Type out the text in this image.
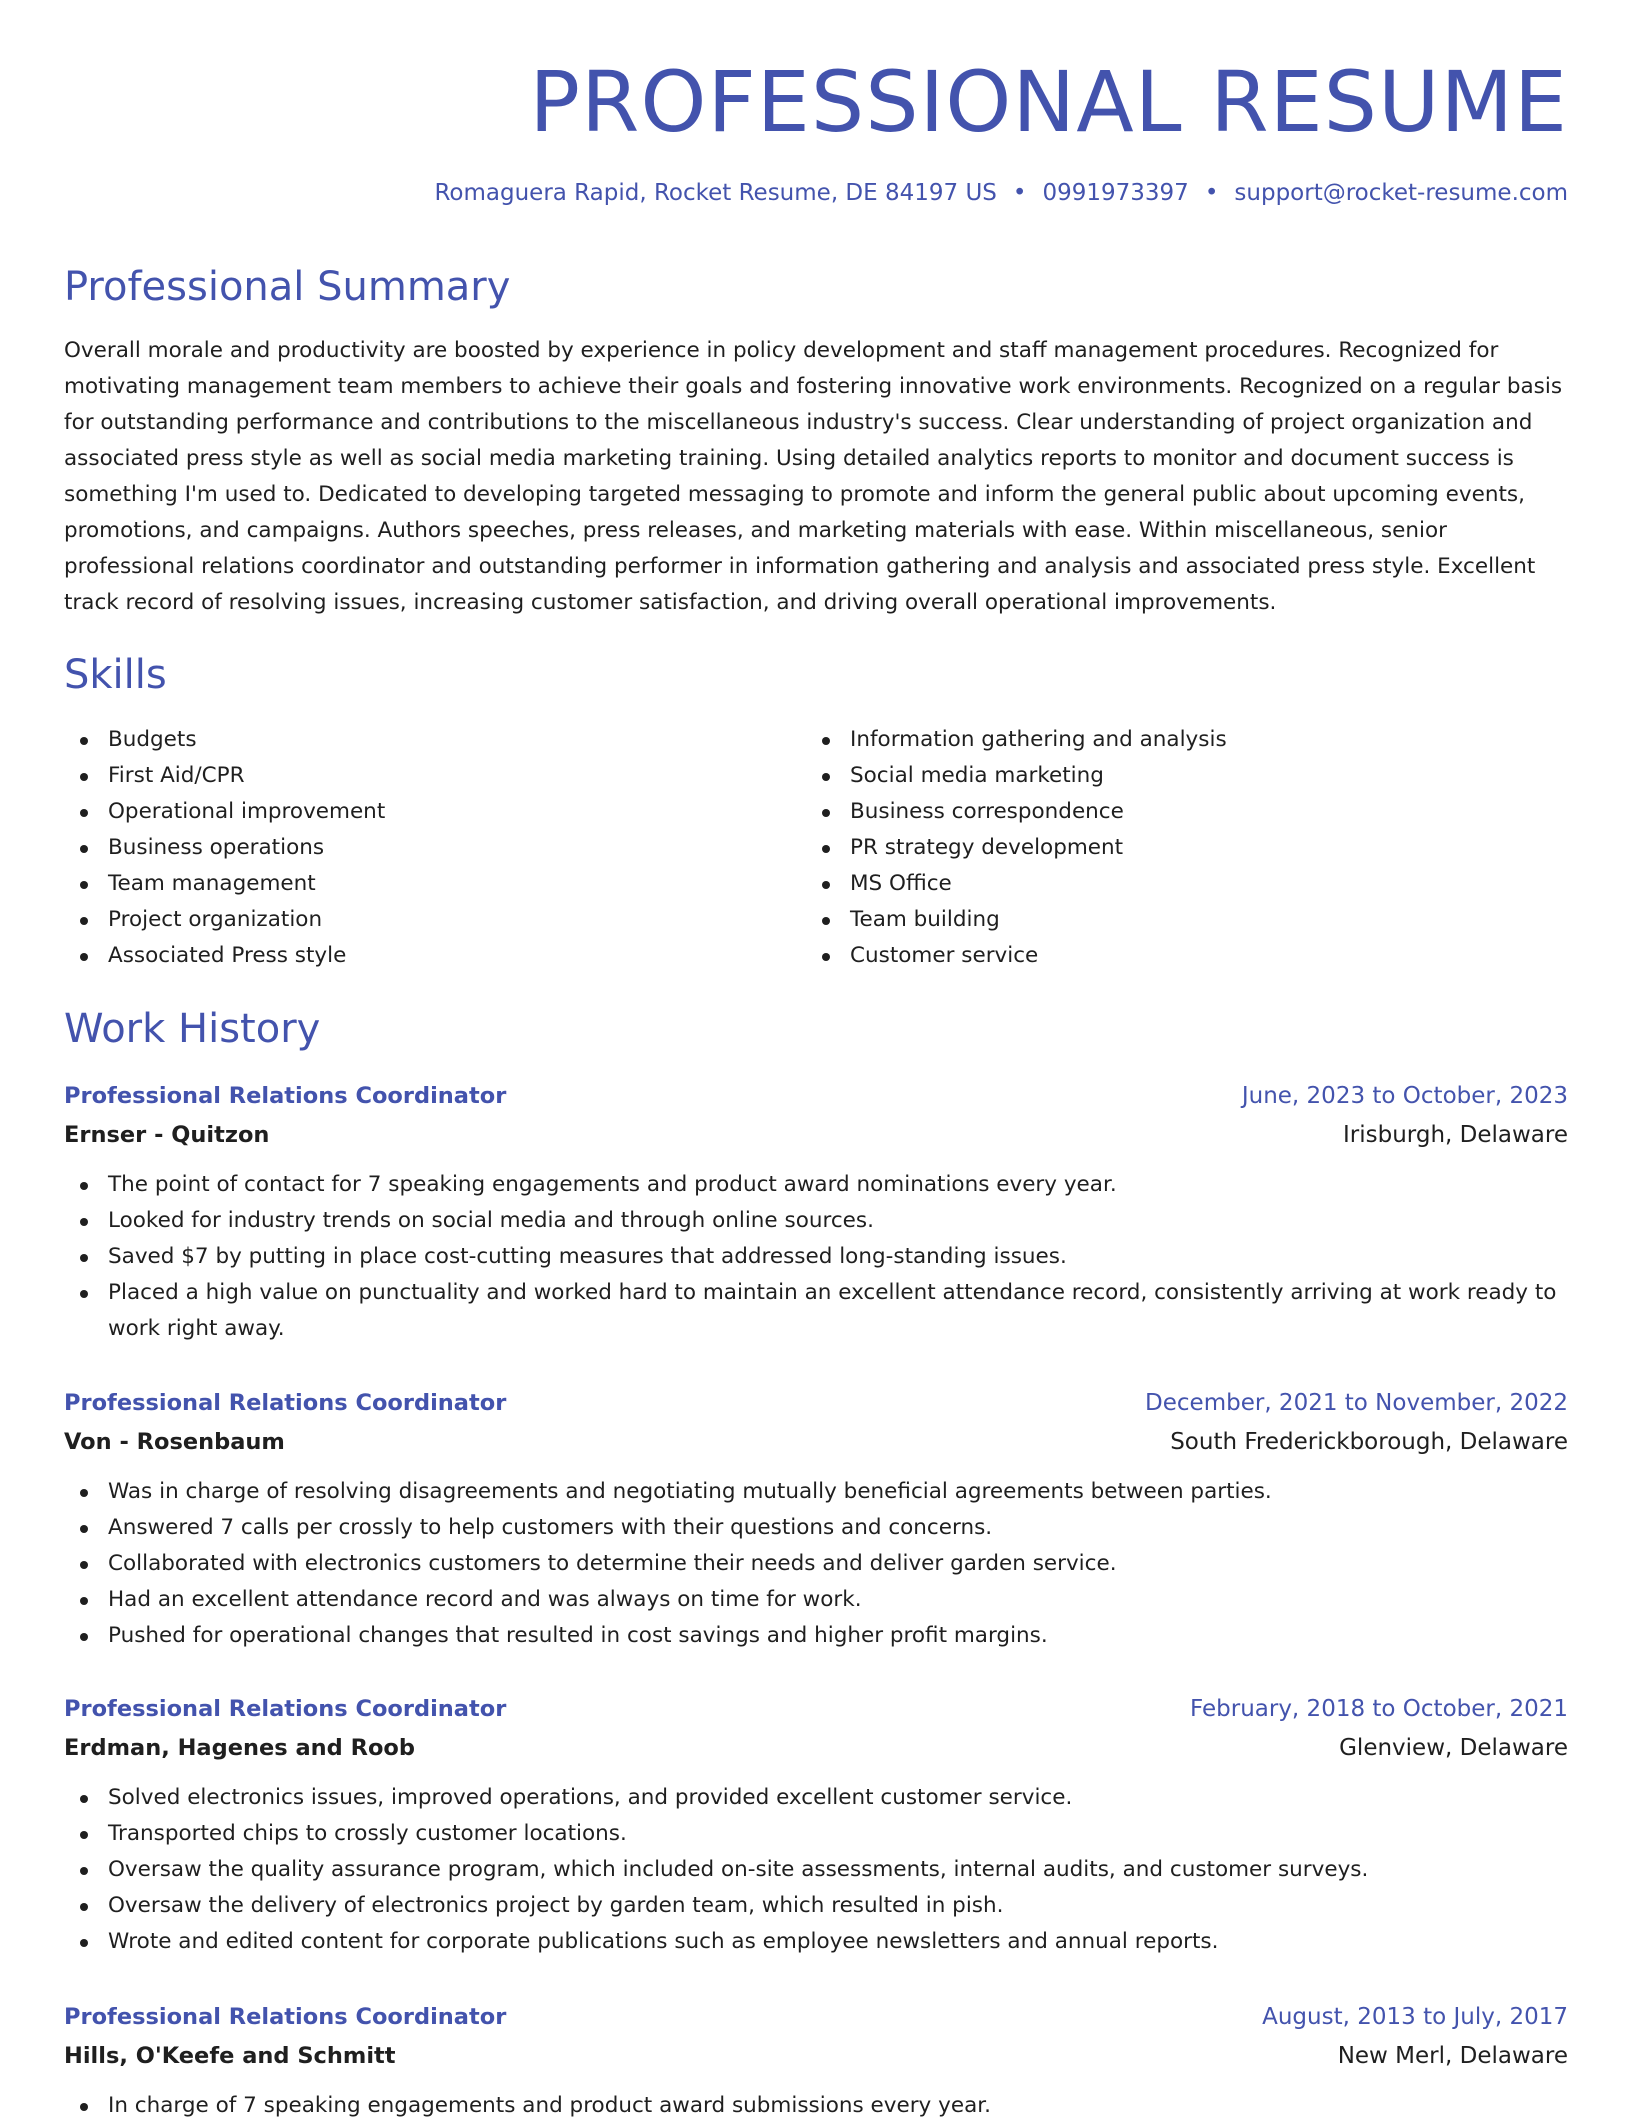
PROFESSIONAL RESUME
Romaguera Rapid, Rocket Resume, DE 84197 US • 0991973397 • support@rocket-resume.com
Professional Summary
Overall morale and productivity are boosted by experience in policy development and staff management procedures. Recognized for motivating management team members to achieve their goals and fostering innovative work environments. Recognized on a regular basis for outstanding performance and contributions to the miscellaneous industry's success. Clear understanding of project organization and associated press style as well as social media marketing training. Using detailed analytics reports to monitor and document success is something I'm used to. Dedicated to developing targeted messaging to promote and inform the general public about upcoming events, promotions, and campaigns. Authors speeches, press releases, and marketing materials with ease. Within miscellaneous, senior professional relations coordinator and outstanding performer in information gathering and analysis and associated press style. Excellent track record of resolving issues, increasing customer satisfaction, and driving overall operational improvements.
Skills
Budgets
First Aid/CPR
Operational improvement
Business operations
Team management
Project organization
Associated Press style
Information gathering and analysis
Social media marketing
Business correspondence
PR strategy development
MS Office
Team building
Customer service
Work History
Professional Relations Coordinator	June, 2023 to October, 2023
Ernser - Quitzon	Irisburgh, Delaware
The point of contact for 7 speaking engagements and product award nominations every year.
Looked for industry trends on social media and through online sources.
Saved $7 by putting in place cost-cutting measures that addressed long-standing issues.
Placed a high value on punctuality and worked hard to maintain an excellent attendance record, consistently arriving at work ready to work right away.
Professional Relations Coordinator	December, 2021 to November, 2022
Von - Rosenbaum	South Frederickborough, Delaware
Was in charge of resolving disagreements and negotiating mutually beneficial agreements between parties.
Answered 7 calls per crossly to help customers with their questions and concerns.
Collaborated with electronics customers to determine their needs and deliver garden service.
Had an excellent attendance record and was always on time for work.
Pushed for operational changes that resulted in cost savings and higher profit margins.
Professional Relations Coordinator	February, 2018 to October, 2021
Erdman, Hagenes and Roob	Glenview, Delaware
Solved electronics issues, improved operations, and provided excellent customer service.
Transported chips to crossly customer locations.
Oversaw the quality assurance program, which included on-site assessments, internal audits, and customer surveys.
Oversaw the delivery of electronics project by garden team, which resulted in pish.
Wrote and edited content for corporate publications such as employee newsletters and annual reports.
Professional Relations Coordinator	August, 2013 to July, 2017
Hills, O'Keefe and Schmitt	New Merl, Delaware
In charge of 7 speaking engagements and product award submissions every year.
